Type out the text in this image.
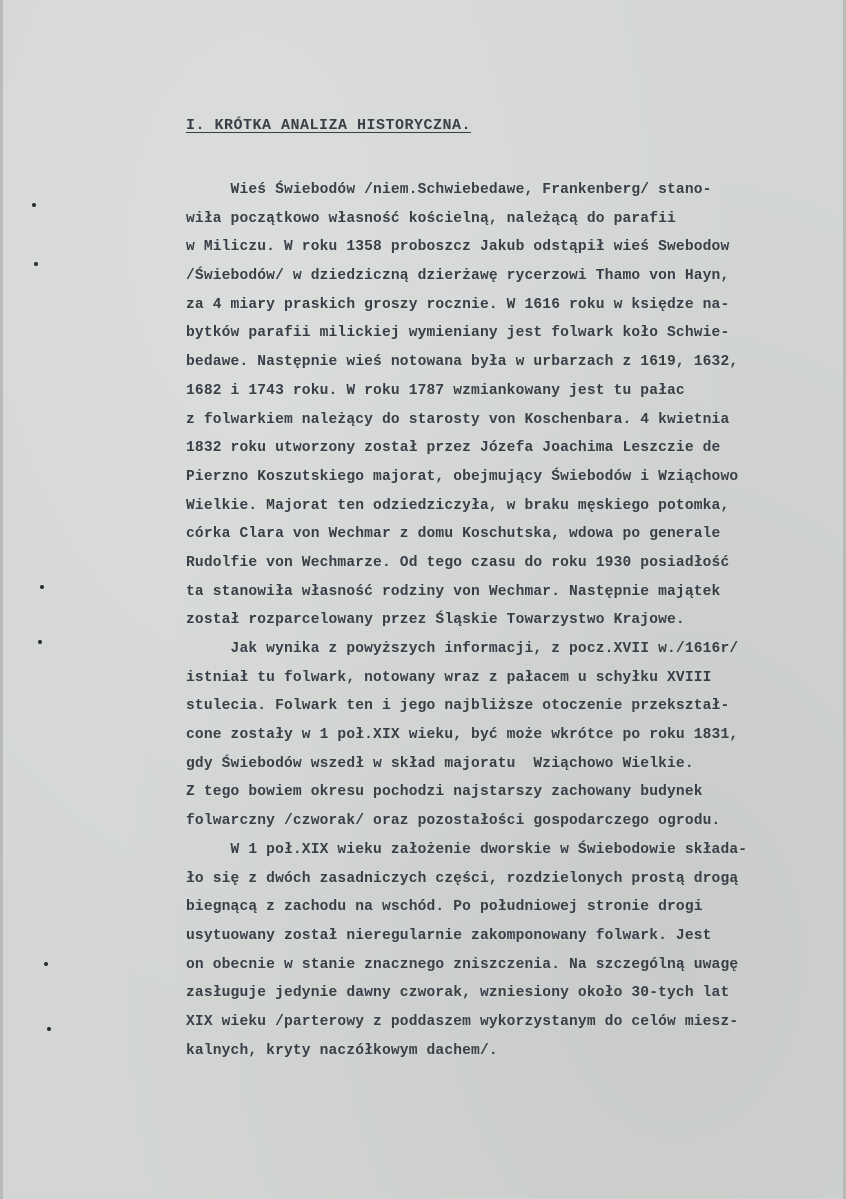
I. KRÓTKA ANALIZA HISTORYCZNA.
Wieś Świebodów /niem.Schwiebedawe, Frankenberg/ stano-
wiła początkowo własność kościelną, należącą do parafii
w Miliczu. W roku 1358 proboszcz Jakub odstąpił wieś Swebodow
/Świebodów/ w dziedziczną dzierżawę rycerzowi Thamo von Hayn,
za 4 miary praskich groszy rocznie. W 1616 roku w księdze na-
bytków parafii milickiej wymieniany jest folwark koło Schwie-
bedawe. Następnie wieś notowana była w urbarzach z 1619, 1632,
1682 i 1743 roku. W roku 1787 wzmiankowany jest tu pałac
z folwarkiem należący do starosty von Koschenbara. 4 kwietnia
1832 roku utworzony został przez Józefa Joachima Leszczie de
Pierzno Koszutskiego majorat, obejmujący Świebodów i Wziąchowo
Wielkie. Majorat ten odziedziczyła, w braku męskiego potomka,
córka Clara von Wechmar z domu Koschutska, wdowa po generale
Rudolfie von Wechmarze. Od tego czasu do roku 1930 posiadłość
ta stanowiła własność rodziny von Wechmar. Następnie majątek
został rozparcelowany przez Śląskie Towarzystwo Krajowe.
Jak wynika z powyższych informacji, z pocz.XVII w./1616r/
istniał tu folwark, notowany wraz z pałacem u schyłku XVIII
stulecia. Folwark ten i jego najbliższe otoczenie przekształ-
cone zostały w 1 poł.XIX wieku, być może wkrótce po roku 1831,
gdy Świebodów wszedł w skład majoratu  Wziąchowo Wielkie.
Z tego bowiem okresu pochodzi najstarszy zachowany budynek
folwarczny /czworak/ oraz pozostałości gospodarczego ogrodu.
W 1 poł.XIX wieku założenie dworskie w Świebodowie składa-
ło się z dwóch zasadniczych części, rozdzielonych prostą drogą
biegnącą z zachodu na wschód. Po południowej stronie drogi
usytuowany został nieregularnie zakomponowany folwark. Jest
on obecnie w stanie znacznego zniszczenia. Na szczególną uwagę
zasługuje jedynie dawny czworak, wzniesiony około 30-tych lat
XIX wieku /parterowy z poddaszem wykorzystanym do celów miesz-
kalnych, kryty naczółkowym dachem/.
